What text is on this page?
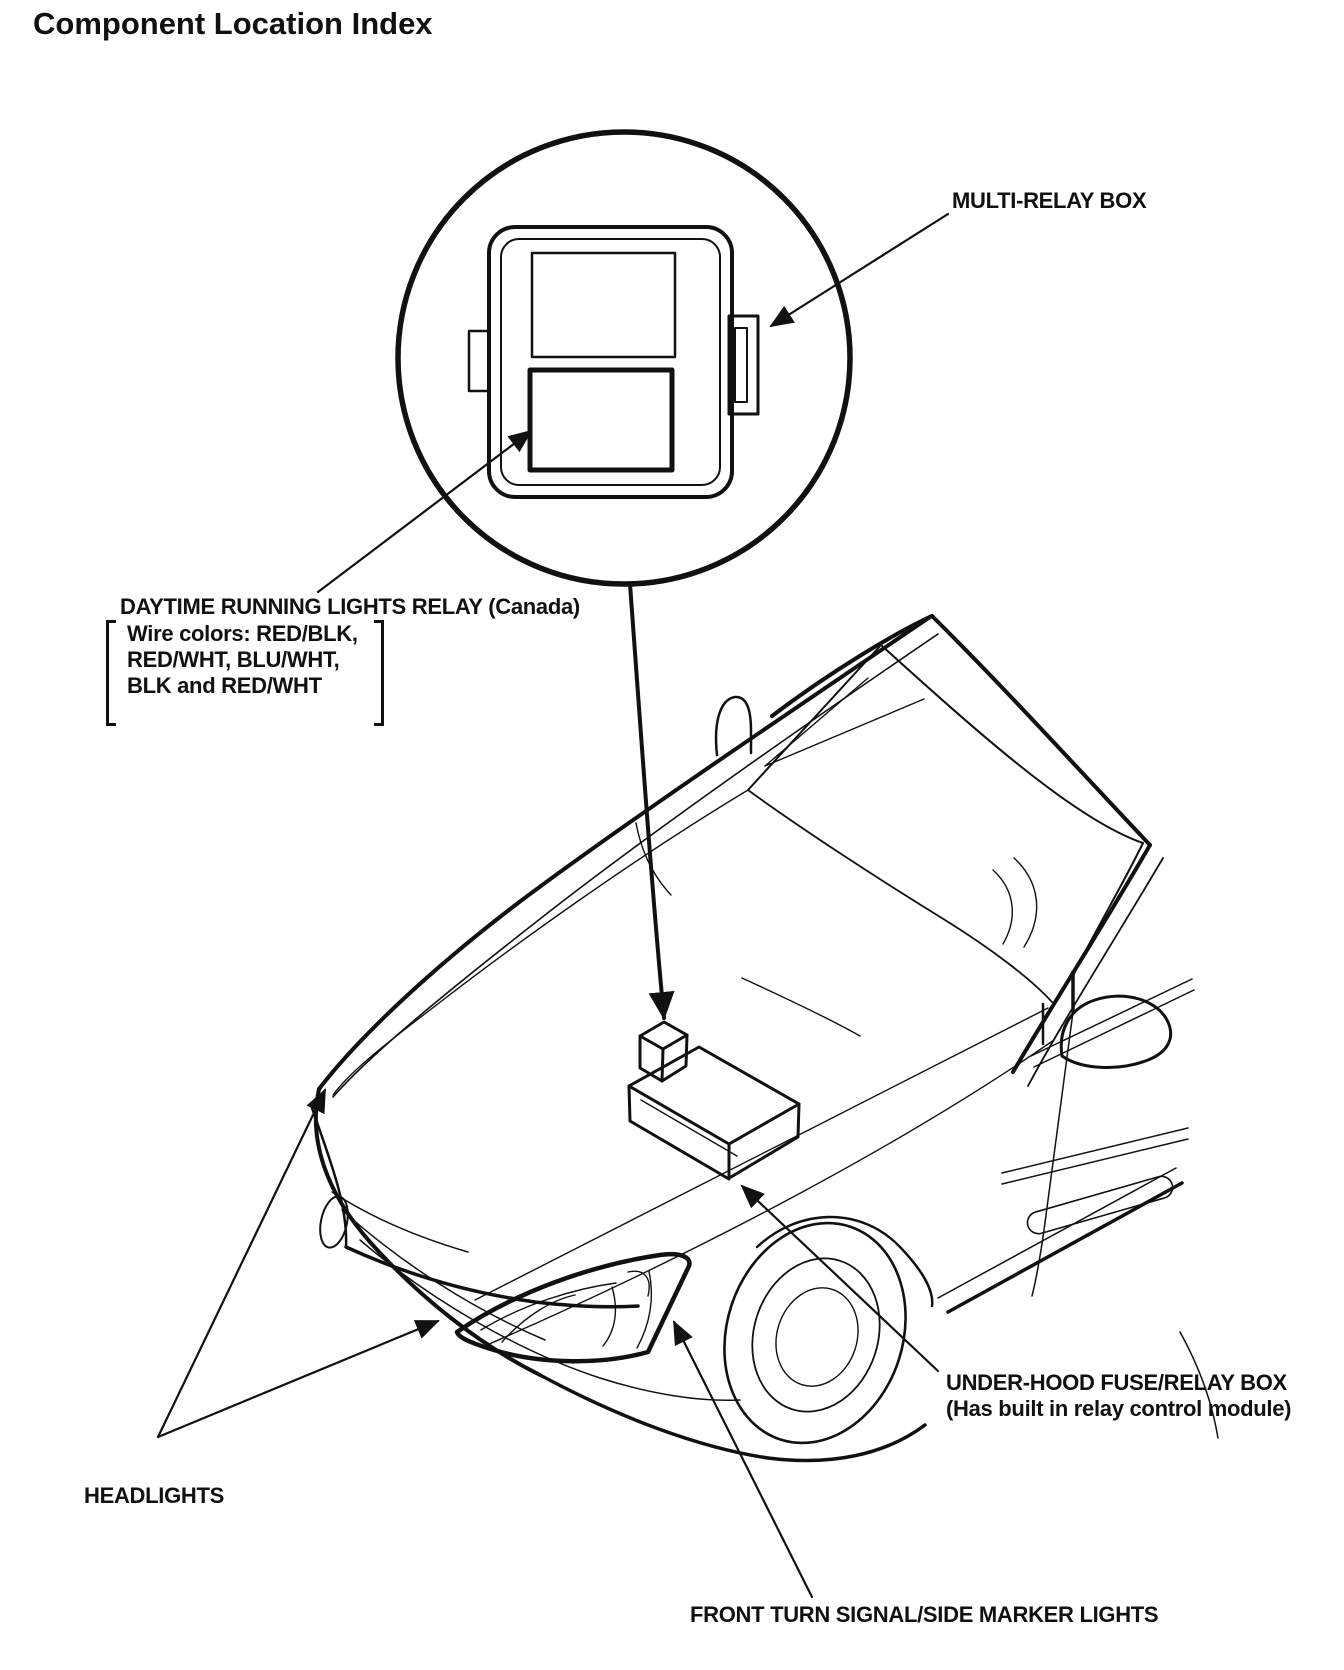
Component Location Index
MULTI-RELAY BOX
DAYTIME RUNNING LIGHTS RELAY (Canada)
Wire colors: RED/BLK,
RED/WHT, BLU/WHT,
BLK and RED/WHT
HEADLIGHTS
FRONT TURN SIGNAL/SIDE MARKER LIGHTS
UNDER-HOOD FUSE/RELAY BOX
(Has built in relay control module)
